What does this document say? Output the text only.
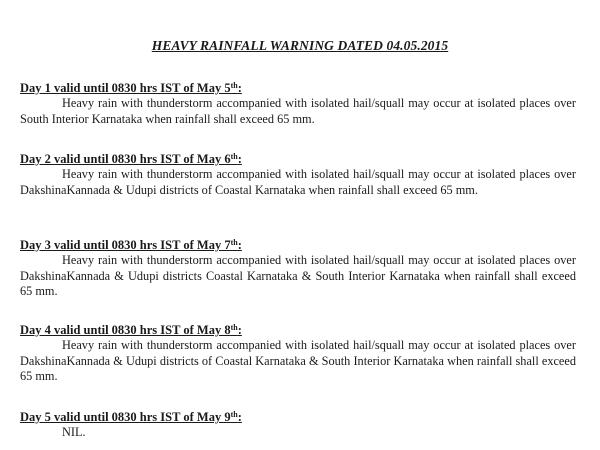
HEAVY RAINFALL WARNING DATED 04.05.2015
Day 1 valid until 0830 hrs IST of May 5th:
Heavy rain with thunderstorm accompanied with isolated hail/squall may occur at isolated places over South Interior Karnataka when rainfall shall exceed 65 mm.
Day 2 valid until 0830 hrs IST of May 6th:
Heavy rain with thunderstorm accompanied with isolated hail/squall may occur at isolated places over DakshinaKannada & Udupi districts of Coastal Karnataka when rainfall shall exceed 65 mm.
Day 3 valid until 0830 hrs IST of May 7th:
Heavy rain with thunderstorm accompanied with isolated hail/squall may occur at isolated places over DakshinaKannada & Udupi districts Coastal Karnataka & South Interior Karnataka when rainfall shall exceed 65 mm.
Day 4 valid until 0830 hrs IST of May 8th:
Heavy rain with thunderstorm accompanied with isolated hail/squall may occur at isolated places over DakshinaKannada & Udupi districts of Coastal Karnataka & South Interior Karnataka when rainfall shall exceed 65 mm.
Day 5 valid until 0830 hrs IST of May 9th:
NIL.
